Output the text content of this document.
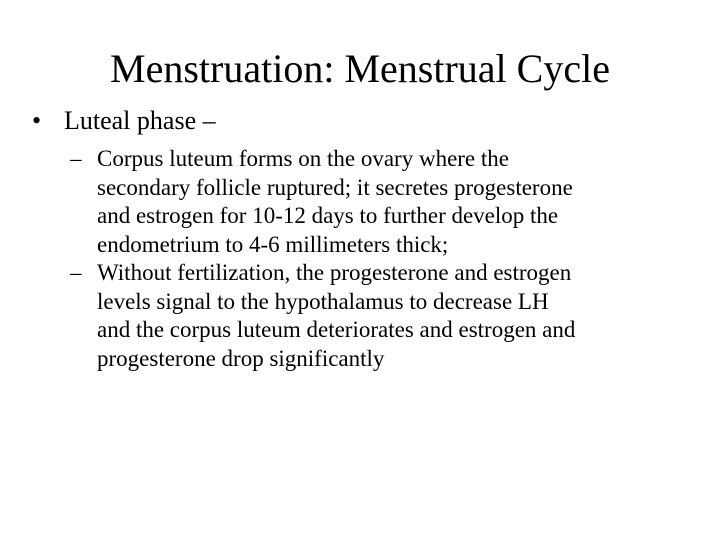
Menstruation: Menstrual Cycle
• Luteal phase –
– Corpus luteum forms on the ovary where the
secondary follicle ruptured; it secretes progesterone
and estrogen for 10-12 days to further develop the
endometrium to 4-6 millimeters thick;
– Without fertilization, the progesterone and estrogen
levels signal to the hypothalamus to decrease LH
and the corpus luteum deteriorates and estrogen and
progesterone drop significantly
